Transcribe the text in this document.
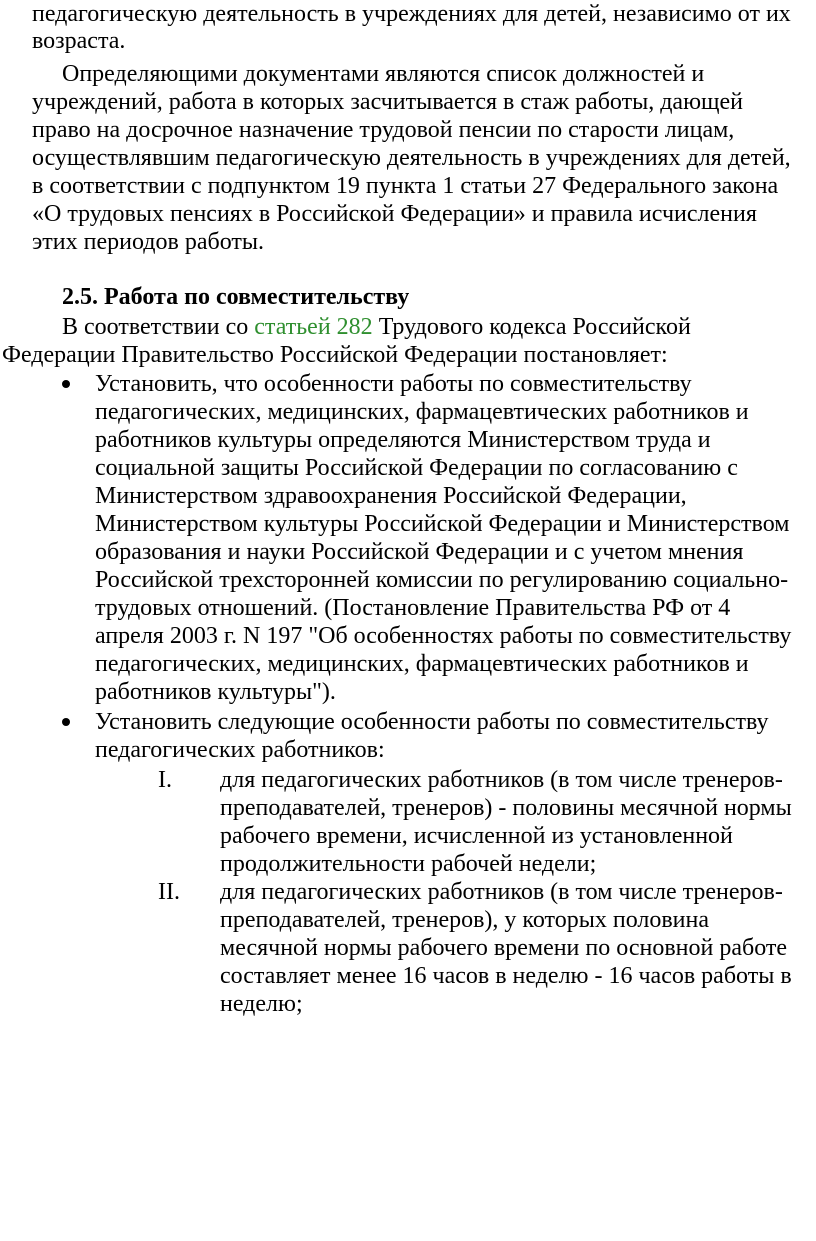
педагогическую деятельность в учреждениях для детей, независимо от их
возраста.
Определяющими документами являются список должностей и
учреждений, работа в которых засчитывается в стаж работы, дающей
право на досрочное назначение трудовой пенсии по старости лицам,
осуществлявшим педагогическую деятельность в учреждениях для детей,
в соответствии с подпунктом 19 пункта 1 статьи 27 Федерального закона
«О трудовых пенсиях в Российской Федерации» и правила исчисления
этих периодов работы.
2.5. Работа по совместительству
В соответствии со статьей 282 Трудового кодекса Российской
Федерации Правительство Российской Федерации постановляет:
Установить, что особенности работы по совместительству
педагогических, медицинских, фармацевтических работников и
работников культуры определяются Министерством труда и
социальной защиты Российской Федерации по согласованию с
Министерством здравоохранения Российской Федерации,
Министерством культуры Российской Федерации и Министерством
образования и науки Российской Федерации и с учетом мнения
Российской трехсторонней комиссии по регулированию социально-
трудовых отношений. (Постановление Правительства РФ от 4
апреля 2003 г. N 197 "Об особенностях работы по совместительству
педагогических, медицинских, фармацевтических работников и
работников культуры").
Установить следующие особенности работы по совместительству
педагогических работников:
I. для педагогических работников (в том числе тренеров-
преподавателей, тренеров) - половины месячной нормы
рабочего времени, исчисленной из установленной
продолжительности рабочей недели;
II. для педагогических работников (в том числе тренеров-
преподавателей, тренеров), у которых половина
месячной нормы рабочего времени по основной работе
составляет менее 16 часов в неделю - 16 часов работы в
неделю;
